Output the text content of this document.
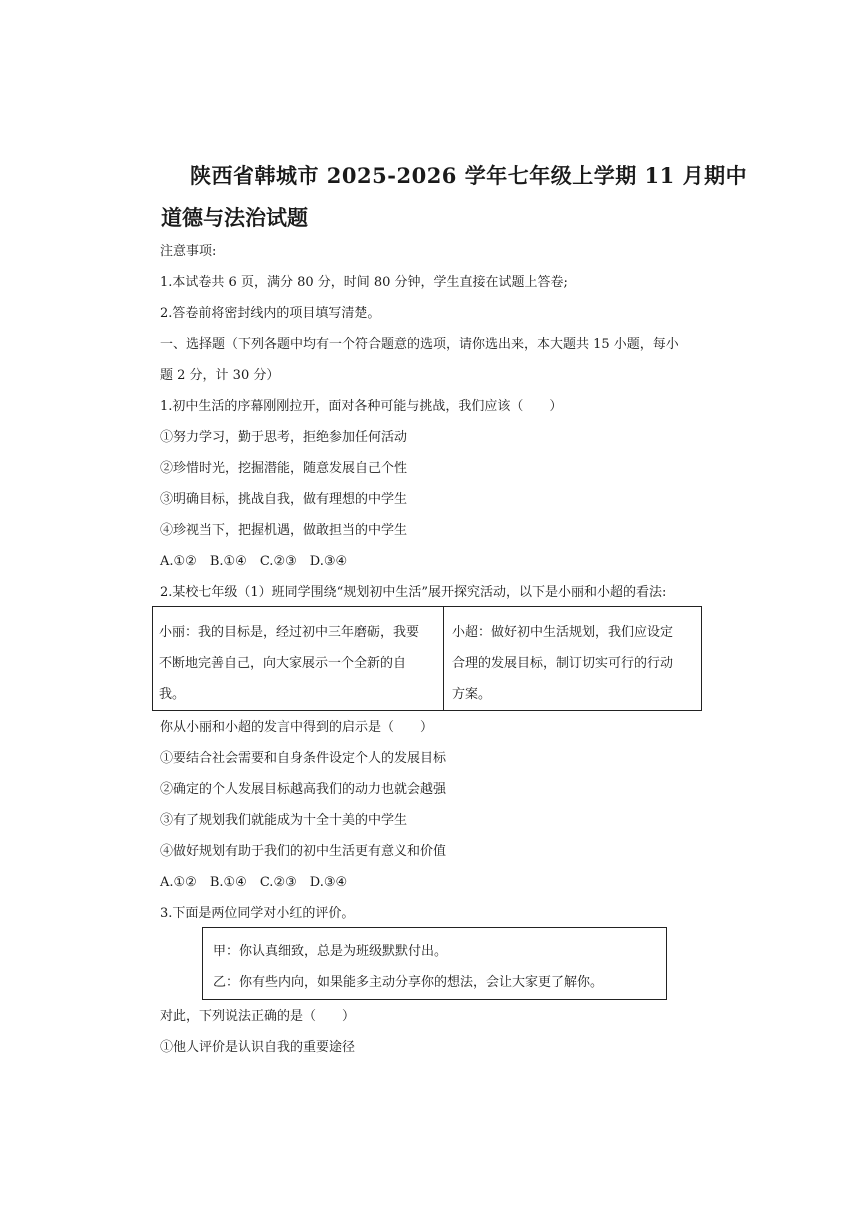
陕西省韩城市 2025-2026 学年七年级上学期 11 月期中
道德与法治试题
注意事项:
1.本试卷共 6 页，满分 80 分，时间 80 分钟，学生直接在试题上答卷;
2.答卷前将密封线内的项目填写清楚。
一、选择题（下列各题中均有一个符合题意的选项，请你选出来，本大题共 15 小题，每小
题 2 分，计 30 分）
1.初中生活的序幕刚刚拉开，面对各种可能与挑战，我们应该（　　）
①努力学习，勤于思考，拒绝参加任何活动
②珍惜时光，挖掘潜能，随意发展自己个性
③明确目标，挑战自我，做有理想的中学生
④珍视当下，把握机遇，做敢担当的中学生
A.①②　B.①④　C.②③　D.③④
2.某校七年级（1）班同学围绕“规划初中生活”展开探究活动，以下是小丽和小超的看法:
小丽：我的目标是，经过初中三年磨砺，我要
不断地完善自己，向大家展示一个全新的自
我。
小超：做好初中生活规划，我们应设定
合理的发展目标，制订切实可行的行动
方案。
你从小丽和小超的发言中得到的启示是（　　）
①要结合社会需要和自身条件设定个人的发展目标
②确定的个人发展目标越高我们的动力也就会越强
③有了规划我们就能成为十全十美的中学生
④做好规划有助于我们的初中生活更有意义和价值
A.①②　B.①④　C.②③　D.③④
3.下面是两位同学对小红的评价。
甲：你认真细致，总是为班级默默付出。
乙：你有些内向，如果能多主动分享你的想法，会让大家更了解你。
对此，下列说法正确的是（　　）
①他人评价是认识自我的重要途径
